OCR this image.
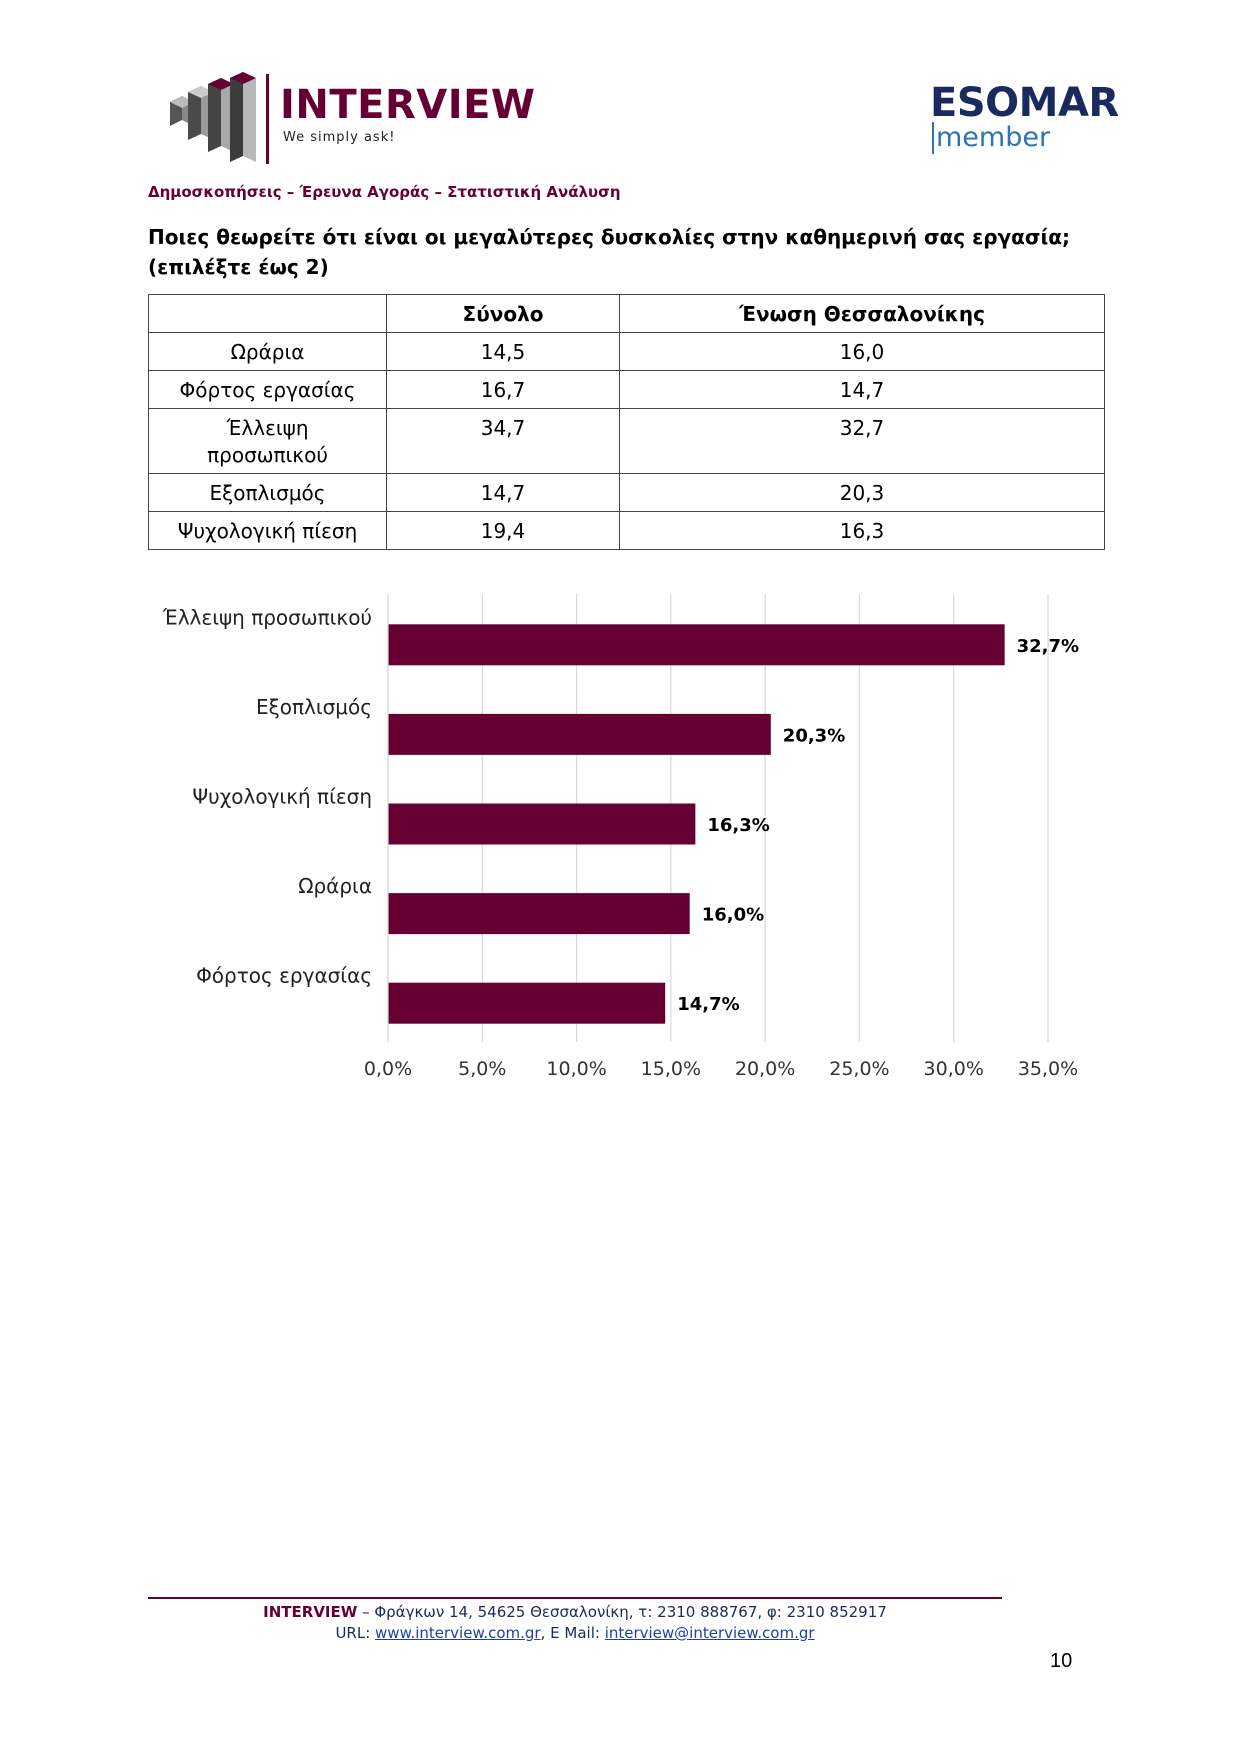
INTERVIEW
We simply ask!
ESOMAR
member
Δημοσκοπήσεις – Έρευνα Αγοράς – Στατιστική Ανάλυση
Ποιες θεωρείτε ότι είναι οι μεγαλύτερες δυσκολίες στην καθημερινή σας εργασία;
(επιλέξτε έως 2)
	Σύνολο	Ένωση Θεσσαλονίκης
Ωράρια	14,5	16,0
Φόρτος εργασίας	16,7	14,7

Έλλειψη
προσωπικού	34,7	32,7
Εξοπλισμός	14,7	20,3
Ψυχολογική πίεση	19,4	16,3
0,0% 5,0% 10,0% 15,0% 20,0% 25,0% 30,0% 35,0%
Έλλειψη προσωπικού
32,7%
Εξοπλισμός
20,3%
Ψυχολογική πίεση
16,3%
Ωράρια
16,0%
Φόρτος εργασίας
14,7%
INTERVIEW – Φράγκων 14, 54625 Θεσσαλονίκη, τ: 2310 888767, φ: 2310 852917
URL: www.interview.com.gr, E Mail: interview@interview.com.gr
10
